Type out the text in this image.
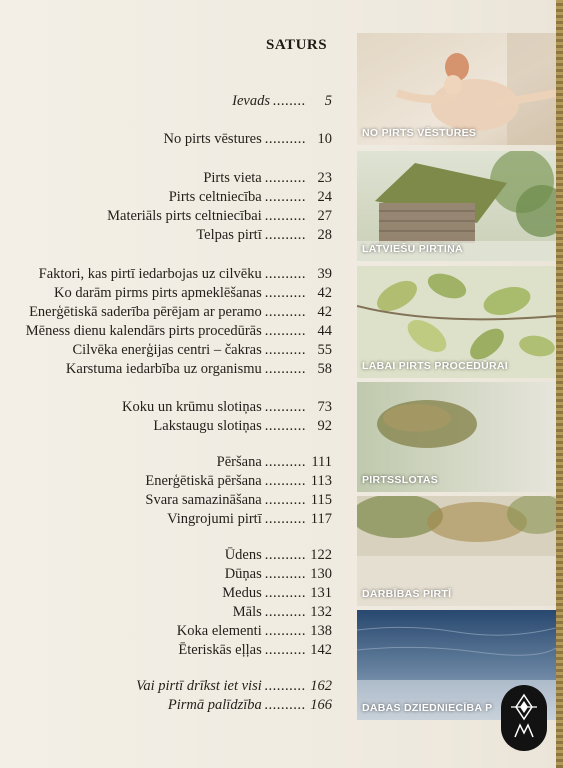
SATURS
Ievads ........ 5
No pirts vēstures .......... 10
Pirts vieta .......... 23
Pirts celtniecība .......... 24
Materiāls pirts celtniecībai .......... 27
Telpas pirtī .......... 28
Faktori, kas pirtī iedarbojas uz cilvēku .......... 39
Ko darām pirms pirts apmeklēšanas .......... 42
Enerģētiskā saderība pērējam ar peramo .......... 42
Mēness dienu kalendārs pirts procedūrās .......... 44
Cilvēka enerģijas centri – čakras .......... 55
Karstuma iedarbība uz organismu .......... 58
Koku un krūmu slotiņas .......... 73
Lakstaugu slotiņas .......... 92
Pēršana .......... 111
Enerģētiskā pēršana .......... 113
Svara samazināšana .......... 115
Vingrojumi pirtī .......... 117
Ūdens .......... 122
Dūņas .......... 130
Medus .......... 131
Māls .......... 132
Koka elementi .......... 138
Ēteriskās eļļas .......... 142
Vai pirtī drīkst iet visi .......... 162
Pirmā palīdzība .......... 166
NO PIRTS VĒSTURES
LATVIEŠU PIRTIŅA
LABAI PIRTS PROCEDŪRAI
PIRTSSLOTAS
DARBĪBAS PIRTĪ
DABAS DZIEDNIECĪBA P
